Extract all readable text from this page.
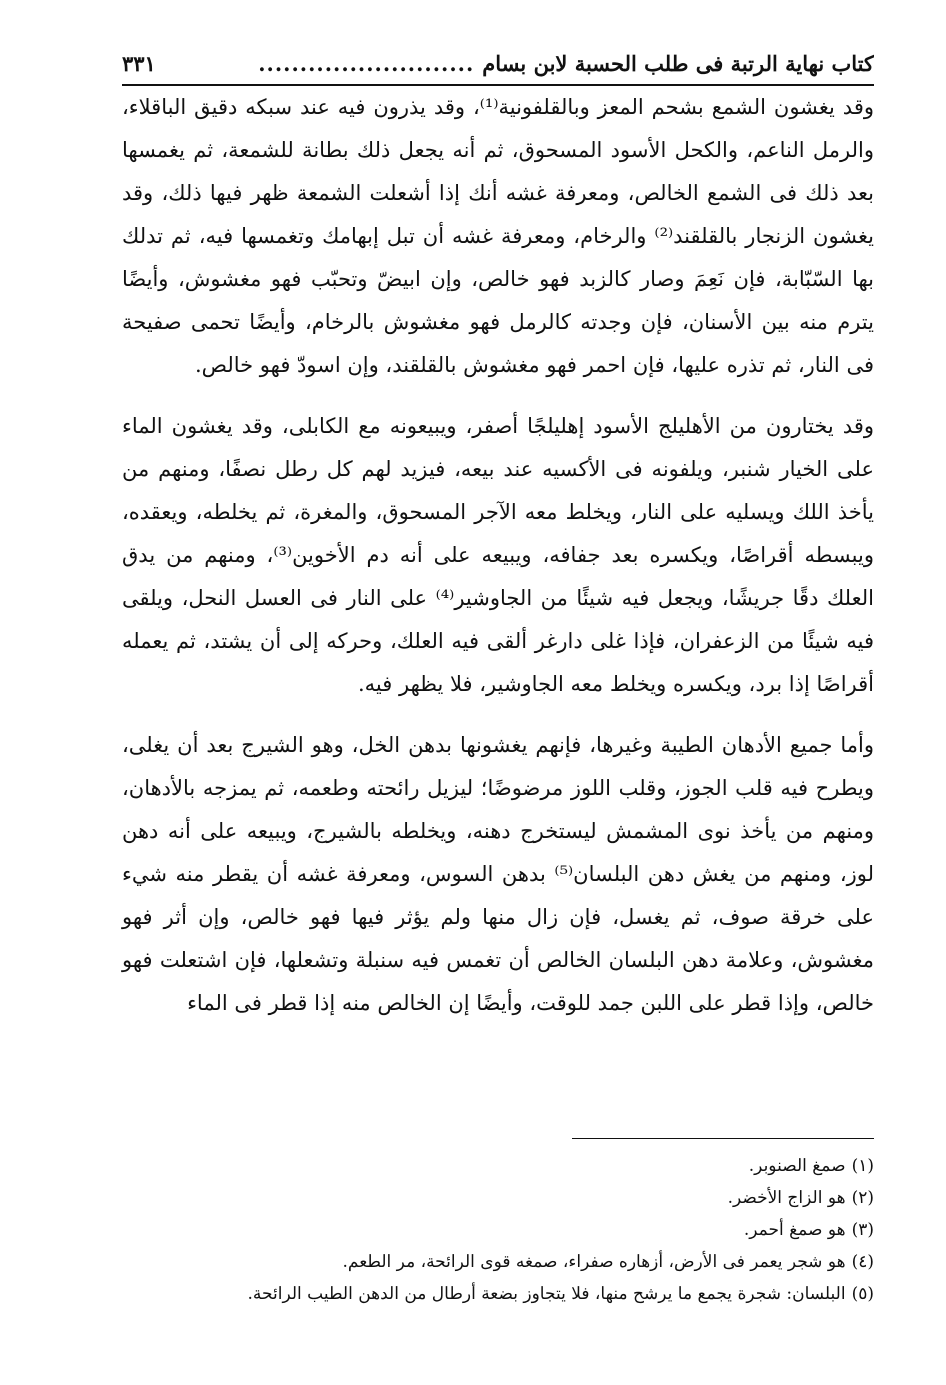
كتاب نهاية الرتبة فى طلب الحسبة لابن بسام..........................
٣٣١

وقد يغشون الشمع بشحم المعز وبالقلفونية⁽¹⁾، وقد يذرون فيه عند سبكه دقيق الباقلاء، والرمل الناعم، والكحل الأسود المسحوق، ثم أنه يجعل ذلك بطانة للشمعة، ثم يغمسها بعد ذلك فى الشمع الخالص، ومعرفة غشه أنك إذا أشعلت الشمعة ظهر فيها ذلك، وقد يغشون الزنجار بالقلقند⁽²⁾ والرخام، ومعرفة غشه أن تبل إبهامك وتغمسها فيه، ثم تدلك بها السّبّابة، فإن نَعِمَ وصار كالزبد فهو خالص، وإن ابيضّ وتحبّب فهو مغشوش، وأيضًا يترم منه بين الأسنان، فإن وجدته كالرمل فهو مغشوش بالرخام، وأيضًا تحمى صفيحة فى النار، ثم تذره عليها، فإن احمر فهو مغشوش بالقلقند، وإن اسودّ فهو خالص.

وقد يختارون من الأهليلج الأسود إهليلجًا أصفر، ويبيعونه مع الكابلى، وقد يغشون الماء على الخيار شنبر، ويلفونه فى الأكسيه عند بيعه، فيزيد لهم كل رطل نصفًا، ومنهم من يأخذ اللك ويسليه على النار، ويخلط معه الآجر المسحوق، والمغرة، ثم يخلطه، ويعقده، ويبسطه أقراصًا، ويكسره بعد جفافه، ويبيعه على أنه دم الأخوين⁽³⁾، ومنهم من يدق العلك دقًا جريشًا، ويجعل فيه شيئًا من الجاوشير⁽⁴⁾ على النار فى العسل النحل، ويلقى فيه شيئًا من الزعفران، فإذا غلى دارغر ألقى فيه العلك، وحركه إلى أن يشتد، ثم يعمله أقراصًا إذا برد، ويكسره ويخلط معه الجاوشير، فلا يظهر فيه.

وأما جميع الأدهان الطيبة وغيرها، فإنهم يغشونها بدهن الخل، وهو الشيرج بعد أن يغلى، ويطرح فيه قلب الجوز، وقلب اللوز مرضوضًا؛ ليزيل رائحته وطعمه، ثم يمزجه بالأدهان، ومنهم من يأخذ نوى المشمش ليستخرج دهنه، ويخلطه بالشيرج، ويبيعه على أنه دهن لوز، ومنهم من يغش دهن البلسان⁽⁵⁾ بدهن السوس، ومعرفة غشه أن يقطر منه شيء على خرقة صوف، ثم يغسل، فإن زال منها ولم يؤثر فيها فهو خالص، وإن أثر فهو مغشوش، وعلامة دهن البلسان الخالص أن تغمس فيه سنبلة وتشعلها، فإن اشتعلت فهو خالص، وإذا قطر على اللبن جمد للوقت، وأيضًا إن الخالص منه إذا قطر فى الماء

(١)صمغ الصنوبر.
(٢)هو الزاج الأخضر.
(٣)هو صمغ أحمر.
(٤)هو شجر يعمر فى الأرض، أزهاره صفراء، صمغه قوى الرائحة، مر الطعم.
(٥)البلسان: شجرة يجمع ما يرشح منها، فلا يتجاوز بضعة أرطال من الدهن الطيب الرائحة.
